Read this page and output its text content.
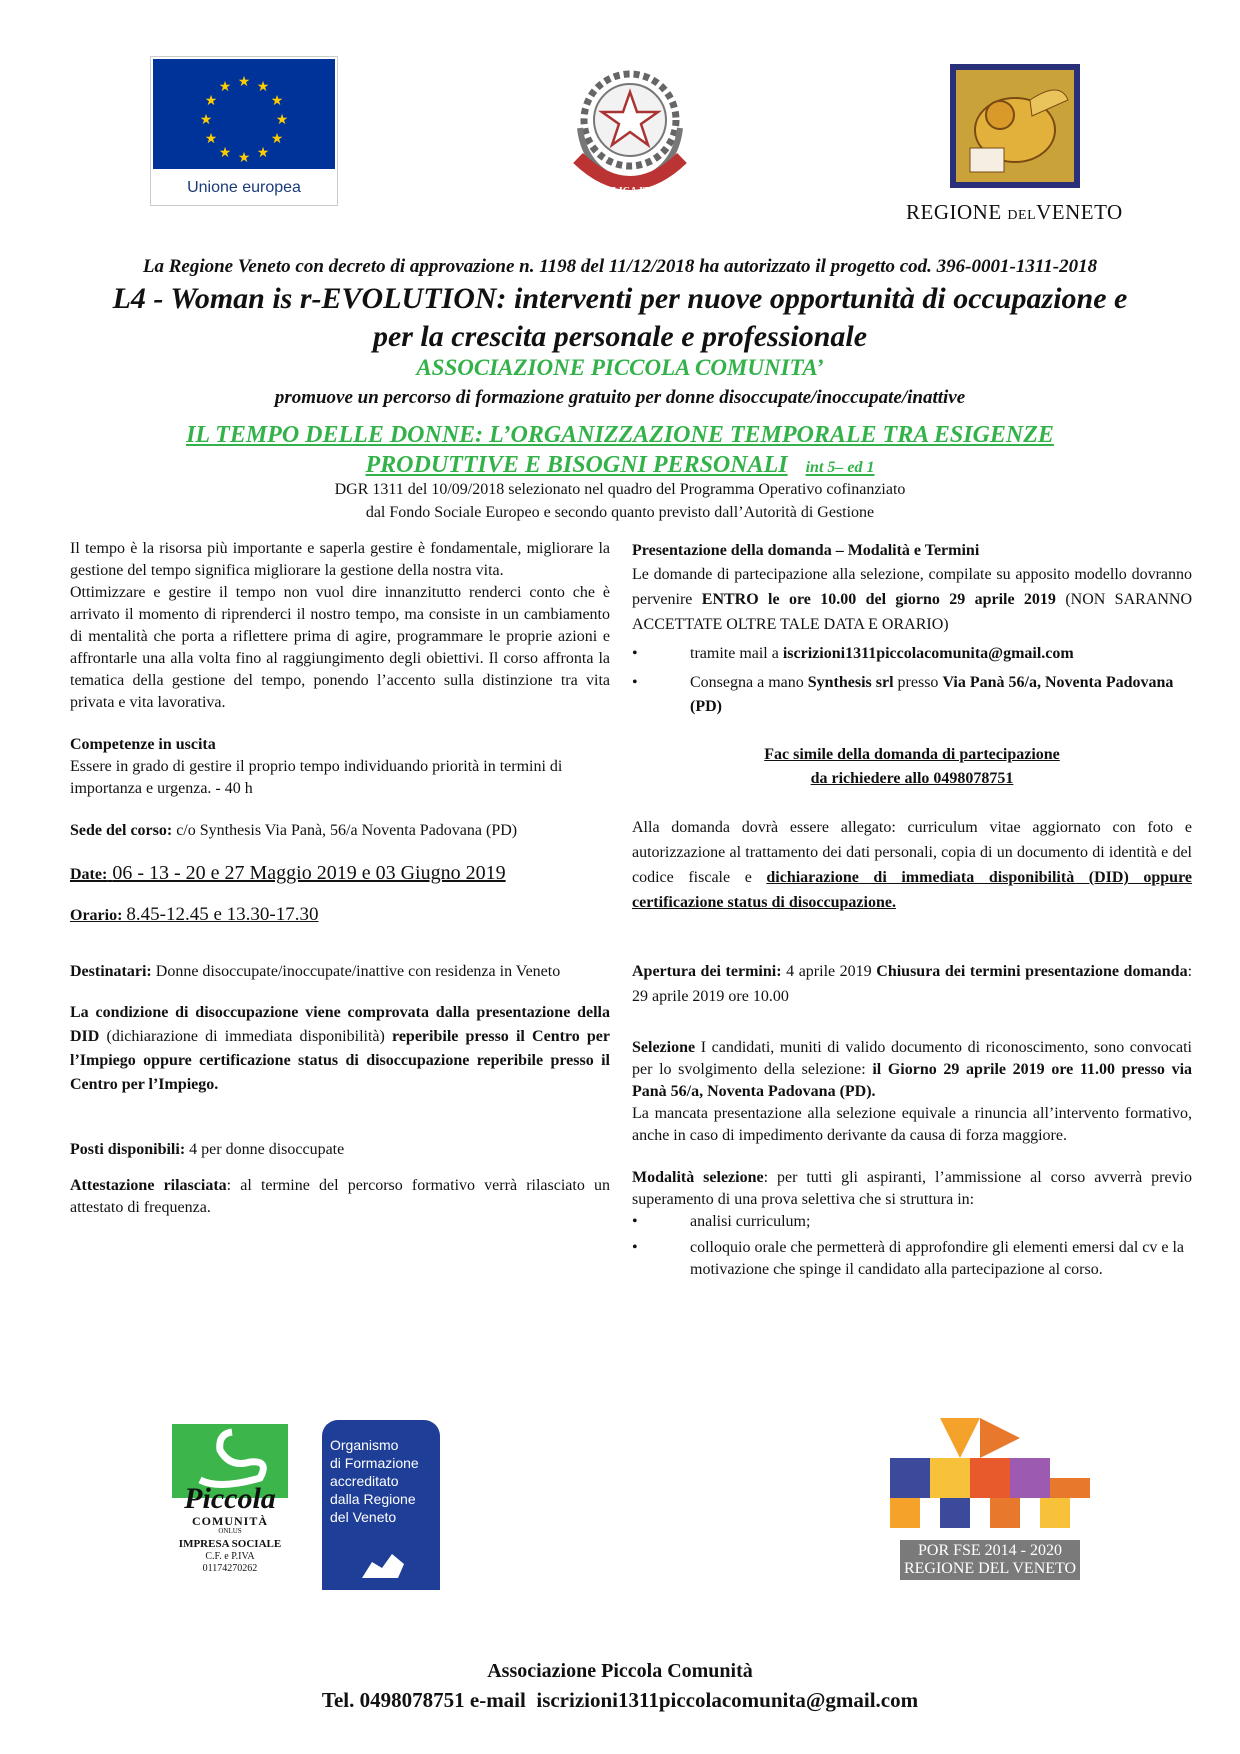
★ ★
★
★
★
★
★
★
★
★
★
★
Unione europea	REPVBBLICA ITALIANA
REGIONE DELVENETO
La Regione Veneto con decreto di approvazione n. 1198 del 11/12/2018 ha autorizzato il progetto cod. 396-0001-1311-2018
L4 - Woman is r-EVOLUTION: interventi per nuove opportunità di occupazione e
per la crescita personale e professionale
ASSOCIAZIONE PICCOLA COMUNITA’
promuove un percorso di formazione gratuito per donne disoccupate/inoccupate/inattive
IL TEMPO DELLE DONNE: L’ORGANIZZAZIONE TEMPORALE TRA ESIGENZE
PRODUTTIVE E BISOGNI PERSONALI int 5– ed 1
DGR 1311 del 10/09/2018 selezionato nel quadro del Programma Operativo cofinanziato dal Fondo Sociale Europeo e secondo quanto previsto dall’Autorità di Gestione
Il tempo è la risorsa più importante e saperla gestire è fondamentale, migliorare la gestione del tempo significa migliorare la gestione della nostra vita.
Ottimizzare e gestire il tempo non vuol dire innanzitutto renderci conto che è arrivato il momento di riprenderci il nostro tempo, ma consiste in un cambiamento di mentalità che porta a riflettere prima di agire, programmare le proprie azioni e affrontarle una alla volta fino al raggiungimento degli obiettivi. Il corso affronta la tematica della gestione del tempo, ponendo l’accento sulla distinzione tra vita privata e vita lavorativa.
Competenze in uscita
Essere in grado di gestire il proprio tempo individuando priorità in termini di importanza e urgenza. - 40 h
Sede del corso: c/o Synthesis Via Panà, 56/a Noventa Padovana (PD)
Date: 06 - 13 - 20 e 27 Maggio 2019 e 03 Giugno 2019
Orario: 8.45-12.45 e 13.30-17.30
Destinatari: Donne disoccupate/inoccupate/inattive con residenza in Veneto
La condizione di disoccupazione viene comprovata dalla presentazione della DID (dichiarazione di immediata disponibilità) reperibile presso il Centro per l’Impiego oppure certificazione status di disoccupazione reperibile presso il Centro per l’Impiego.
Posti disponibili: 4 per donne disoccupate
Attestazione rilasciata: al termine del percorso formativo verrà rilasciato un attestato di frequenza.
Presentazione della domanda – Modalità e Termini
Le domande di partecipazione alla selezione, compilate su apposito modello dovranno pervenire ENTRO le ore 10.00 del giorno 29 aprile 2019 (NON SARANNO ACCETTATE OLTRE TALE DATA E ORARIO)
•	tramite mail a iscrizioni1311piccolacomunita@gmail.com
•	Consegna a mano Synthesis srl presso Via Panà 56/a, Noventa Padovana (PD)
Fac simile della domanda di partecipazione
da richiedere allo 0498078751
Alla domanda dovrà essere allegato: curriculum vitae aggiornato con foto e autorizzazione al trattamento dei dati personali, copia di un documento di identità e del codice fiscale e dichiarazione di immediata disponibilità (DID) oppure certificazione status di disoccupazione.
Apertura dei termini: 4 aprile 2019 Chiusura dei termini presentazione domanda: 29 aprile 2019 ore 10.00
Selezione I candidati, muniti di valido documento di riconoscimento, sono convocati per lo svolgimento della selezione: il Giorno 29 aprile 2019 ore 11.00 presso via Panà 56/a, Noventa Padovana (PD).
La mancata presentazione alla selezione equivale a rinuncia all’intervento formativo, anche in caso di impedimento derivante da causa di forza maggiore.
Modalità selezione: per tutti gli aspiranti, l’ammissione al corso avverrà previo superamento di una prova selettiva che si struttura in:
•	analisi curriculum;
•	colloquio orale che permetterà di approfondire gli elementi emersi dal cv e la motivazione che spinge il candidato alla partecipazione al corso.
Piccola
COMUNITÀ
ONLUS
IMPRESA SOCIALE
C.F. e P.IVA
01174270262
Organismo
di Formazione
accreditato
dalla Regione
del Veneto
POR FSE 2014 - 2020
REGIONE DEL VENETO
Associazione Piccola Comunità
Tel. 0498078751 e-mail iscrizioni1311piccolacomunita@gmail.com
